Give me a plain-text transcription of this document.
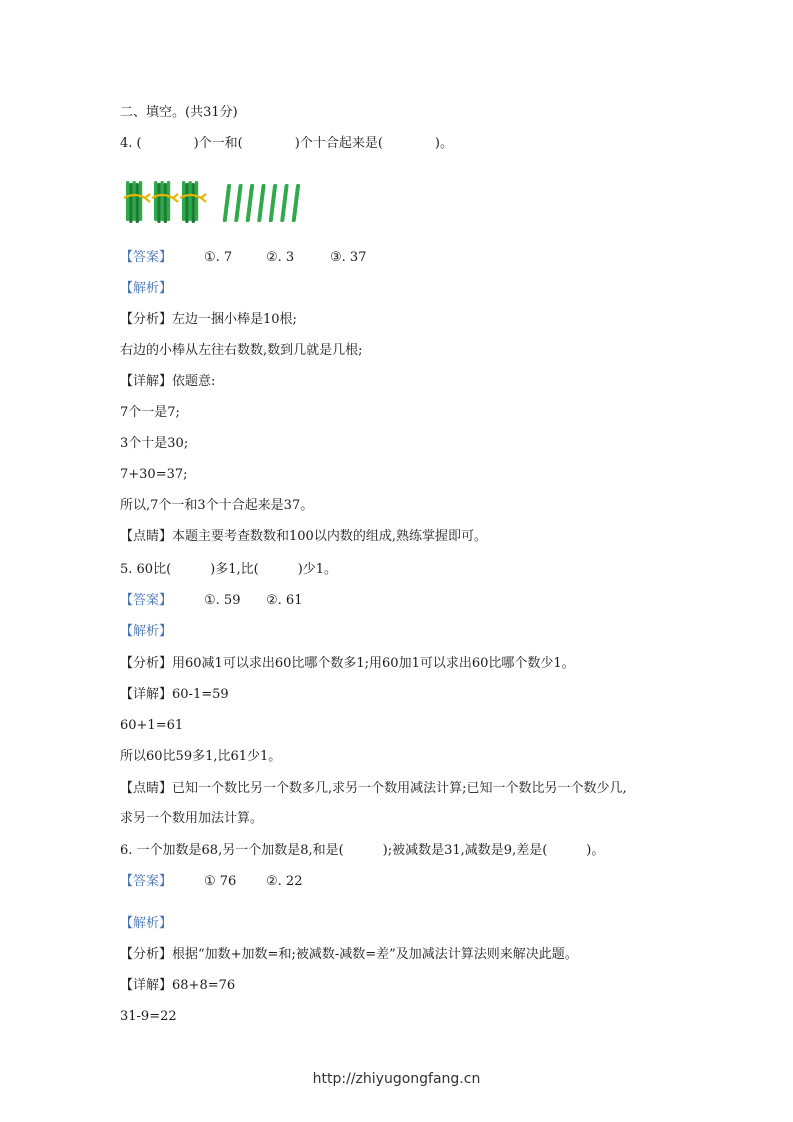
二、填空。(共31分)
4. (　　　　)个一和(　　　　)个十合起来是(　　　　)。
【答案】 ①. 7	②. 3	③. 37
【解析】
【分析】左边一捆小棒是10根;
右边的小棒从左往右数数,数到几就是几根;
【详解】依题意:
7个一是7;
3个十是30;
7+30=37;
所以,7个一和3个十合起来是37。
【点睛】本题主要考查数数和100以内数的组成,熟练掌握即可。
5. 60比(　　　)多1,比(　　　)少1。
【答案】 ①. 59 ②. 61
【解析】
【分析】用60减1可以求出60比哪个数多1;用60加1可以求出60比哪个数少1。
【详解】60-1=59
60+1=61
所以60比59多1,比61少1。
【点睛】已知一个数比另一个数多几,求另一个数用减法计算;已知一个数比另一个数少几,
求另一个数用加法计算。
6. 一个加数是68,另一个加数是8,和是(　　　);被减数是31,减数是9,差是(　　　)。
【答案】 ① 76 ②. 22
【解析】
【分析】根据“加数+加数=和;被减数-减数=差”及加减法计算法则来解决此题。
【详解】68+8=76
31-9=22
http://zhiyugongfang.cn
